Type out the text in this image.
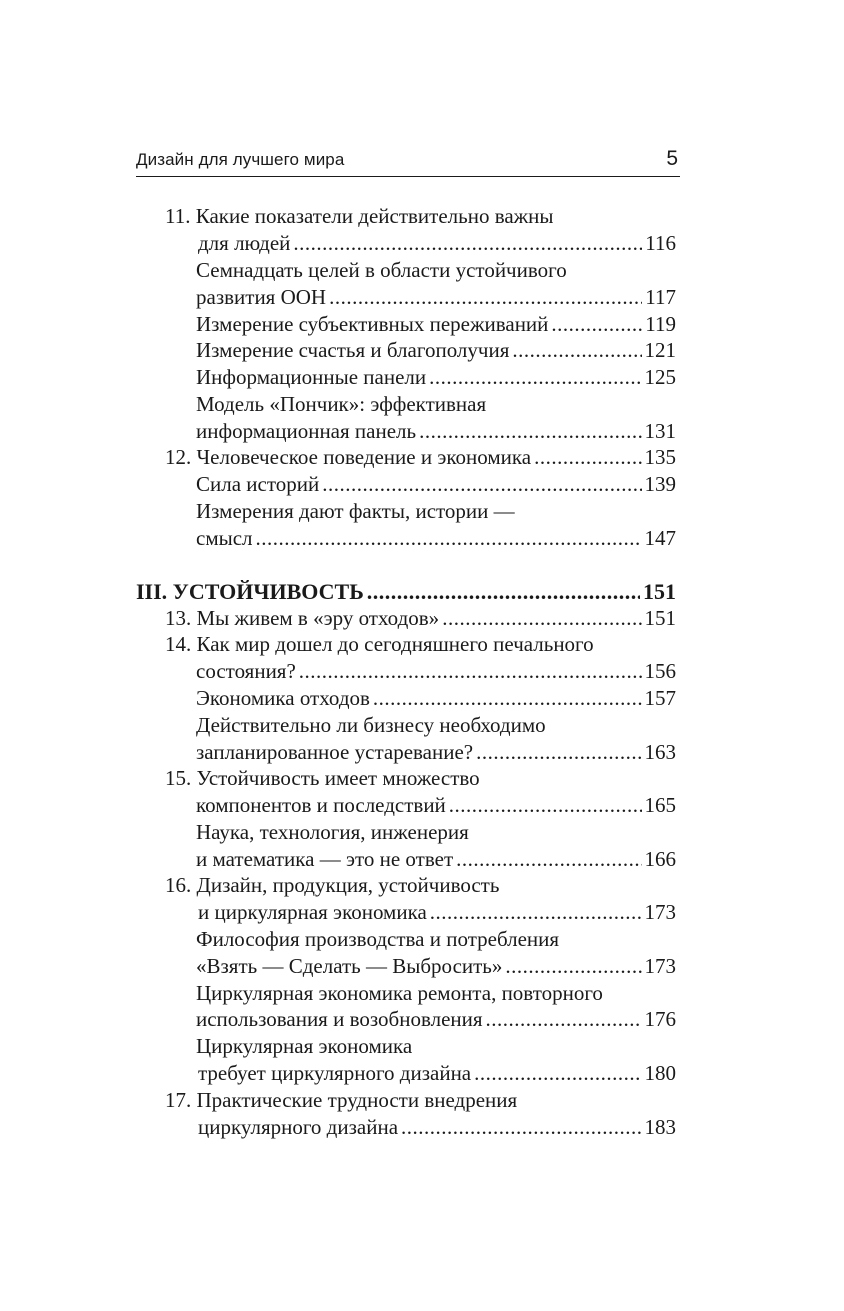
Дизайн для лучшего мира	5
11. Какие показатели действительно важны
для людей .....	116
Семнадцать целей в области устойчивого
развития ООН .....	117
Измерение субъективных переживаний .....	119
Измерение счастья и благополучия .....	121
Информационные панели .....	125
Модель «Пончик»: эффективная
информационная панель .....	131
12. Человеческое поведение и экономика .....	135
Сила историй .....	139
Измерения дают факты, истории —
смысл .....	147
III. УСТОЙЧИВОСТЬ .....	151
13. Мы живем в «эру отходов» .....	151
14. Как мир дошел до сегодняшнего печального
состояния? .....	156
Экономика отходов .....	157
Действительно ли бизнесу необходимо
запланированное устаревание? .....	163
15. Устойчивость имеет множество
компонентов и последствий .....	165
Наука, технология, инженерия
и математика — это не ответ .....	166
16. Дизайн, продукция, устойчивость
и циркулярная экономика .....	173
Философия производства и потребления
«Взять — Сделать — Выбросить» .....	173
Циркулярная экономика ремонта, повторного
использования и возобновления .....	176
Циркулярная экономика
требует циркулярного дизайна .....	180
17. Практические трудности внедрения
циркулярного дизайна .....	183
